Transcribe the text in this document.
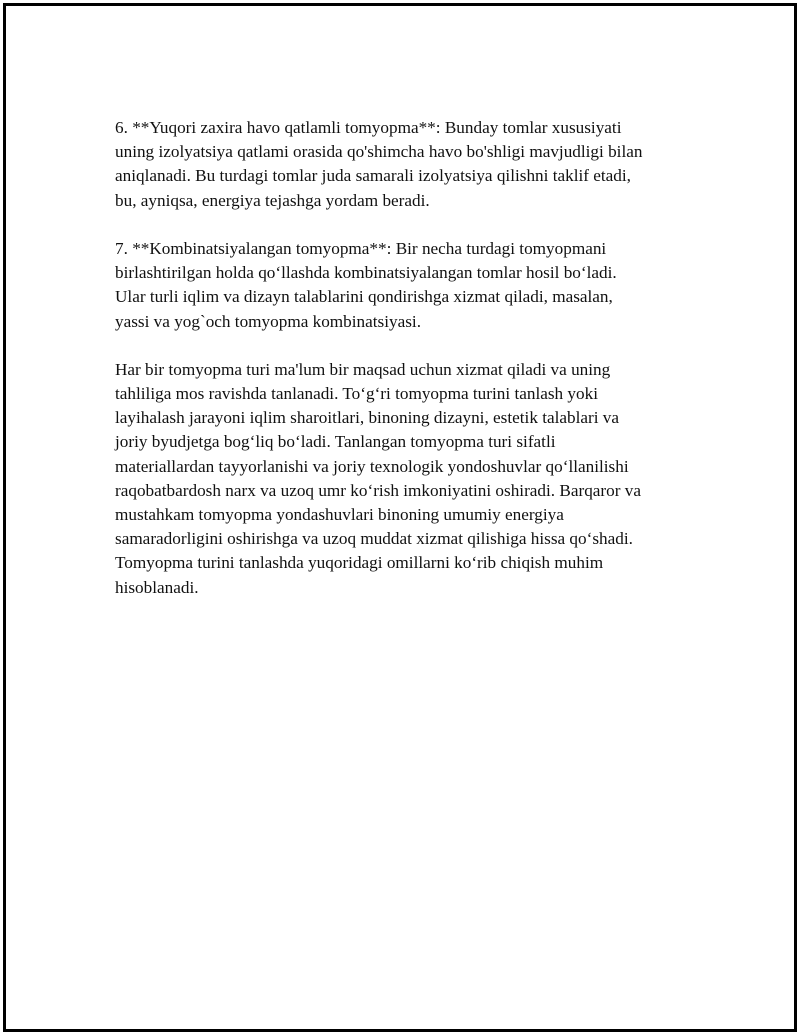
6. **Yuqori zaxira havo qatlamli tomyopma**: Bunday tomlar xususiyati
uning izolyatsiya qatlami orasida qo'shimcha havo bo'shligi mavjudligi bilan
aniqlanadi. Bu turdagi tomlar juda samarali izolyatsiya qilishni taklif etadi,
bu, ayniqsa, energiya tejashga yordam beradi.

7. **Kombinatsiyalangan tomyopma**: Bir necha turdagi tomyopmani
birlashtirilgan holda qo‘llashda kombinatsiyalangan tomlar hosil bo‘ladi.
Ular turli iqlim va dizayn talablarini qondirishga xizmat qiladi, masalan,
yassi va yog`och tomyopma kombinatsiyasi.

Har bir tomyopma turi ma'lum bir maqsad uchun xizmat qiladi va uning
tahliliga mos ravishda tanlanadi. To‘g‘ri tomyopma turini tanlash yoki
layihalash jarayoni iqlim sharoitlari, binoning dizayni, estetik talablari va
joriy byudjetga bog‘liq bo‘ladi. Tanlangan tomyopma turi sifatli
materiallardan tayyorlanishi va joriy texnologik yondoshuvlar qo‘llanilishi
raqobatbardosh narx va uzoq umr ko‘rish imkoniyatini oshiradi. Barqaror va
mustahkam tomyopma yondashuvlari binoning umumiy energiya
samaradorligini oshirishga va uzoq muddat xizmat qilishiga hissa qo‘shadi.
Tomyopma turini tanlashda yuqoridagi omillarni ko‘rib chiqish muhim
hisoblanadi.
